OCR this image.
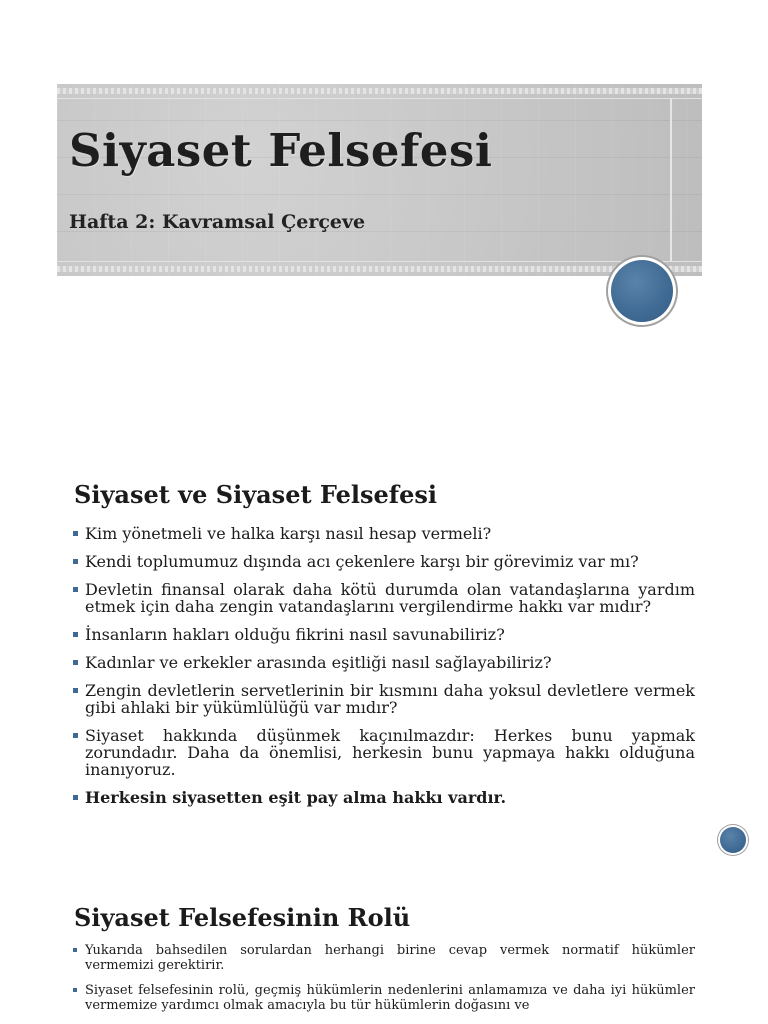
Siyaset Felsefesi
Hafta 2: Kavramsal Çerçeve
Siyaset ve Siyaset Felsefesi
Kim yönetmeli ve halka karşı nasıl hesap vermeli?
Kendi toplumumuz dışında acı çekenlere karşı bir görevimiz var mı?
Devletin finansal olarak daha kötü durumda olan vatandaşlarına yardım etmek için daha zengin vatandaşlarını vergilendirme hakkı var mıdır?
İnsanların hakları olduğu fikrini nasıl savunabiliriz?
Kadınlar ve erkekler arasında eşitliği nasıl sağlayabiliriz?
Zengin devletlerin servetlerinin bir kısmını daha yoksul devletlere vermek gibi ahlaki bir yükümlülüğü var mıdır?
Siyaset hakkında düşünmek kaçınılmazdır: Herkes bunu yapmak zorundadır. Daha da önemlisi, herkesin bunu yapmaya hakkı olduğuna inanıyoruz.
Herkesin siyasetten eşit pay alma hakkı vardır.
Siyaset Felsefesinin Rolü
Yukarıda bahsedilen sorulardan herhangi birine cevap vermek normatif hükümler vermemizi gerektirir.
Siyaset felsefesinin rolü, geçmiş hükümlerin nedenlerini anlamamıza ve daha iyi hükümler vermemize yardımcı olmak amacıyla bu tür hükümlerin doğasını ve
